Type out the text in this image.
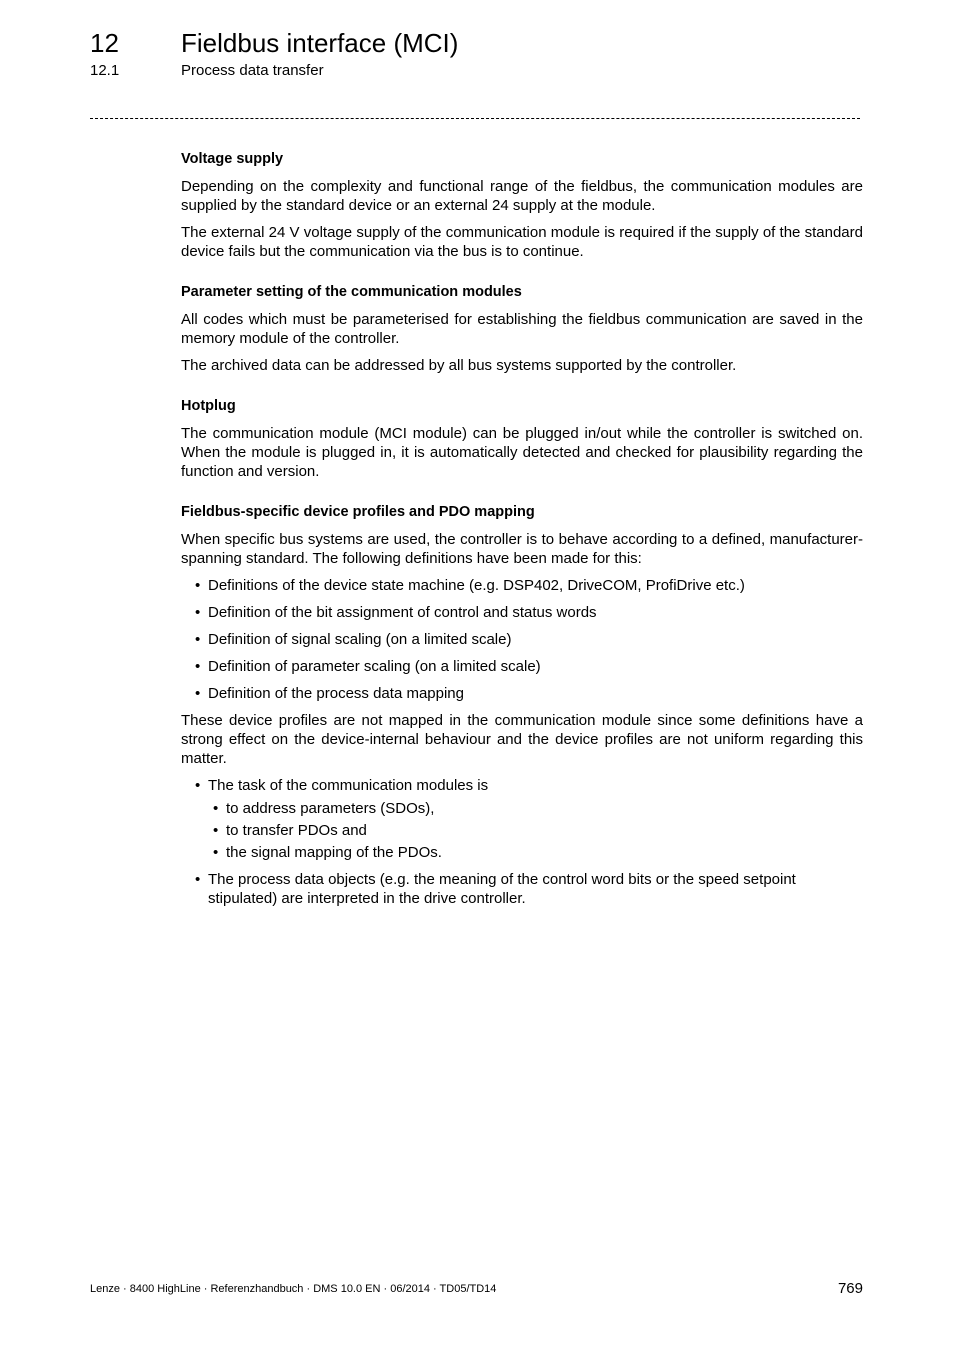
12 Fieldbus interface (MCI)
12.1	Process data transfer
Voltage supply

Depending on the complexity and functional range of the fieldbus, the communication modules are supplied by the standard device or an external 24 supply at the module.

The external 24 V voltage supply of the communication module is required if the supply of the standard device fails but the communication via the bus is to continue.

Parameter setting of the communication modules

All codes which must be parameterised for establishing the fieldbus communication are saved in the memory module of the controller.

The archived data can be addressed by all bus systems supported by the controller.

Hotplug

The communication module (MCI module) can be plugged in/out while the controller is switched on. When the module is plugged in, it is automatically detected and checked for plausibility regarding the function and version.

Fieldbus-specific device profiles and PDO mapping

When specific bus systems are used, the controller is to behave according to a defined, manufacturer-spanning standard. The following definitions have been made for this:

• Definitions of the device state machine (e.g. DSP402, DriveCOM, ProfiDrive etc.)
• Definition of the bit assignment of control and status words
• Definition of signal scaling (on a limited scale)
• Definition of parameter scaling (on a limited scale)
• Definition of the process data mapping

These device profiles are not mapped in the communication module since some definitions have a strong effect on the device-internal behaviour and the device profiles are not uniform regarding this matter.

• The task of the communication modules is
• to address parameters (SDOs),
• to transfer PDOs and
• the signal mapping of the PDOs.
• The process data objects (e.g. the meaning of the control word bits or the speed setpoint stipulated) are interpreted in the drive controller.
Lenze · 8400 HighLine · Referenzhandbuch · DMS 10.0 EN · 06/2014 · TD05/TD14	769
